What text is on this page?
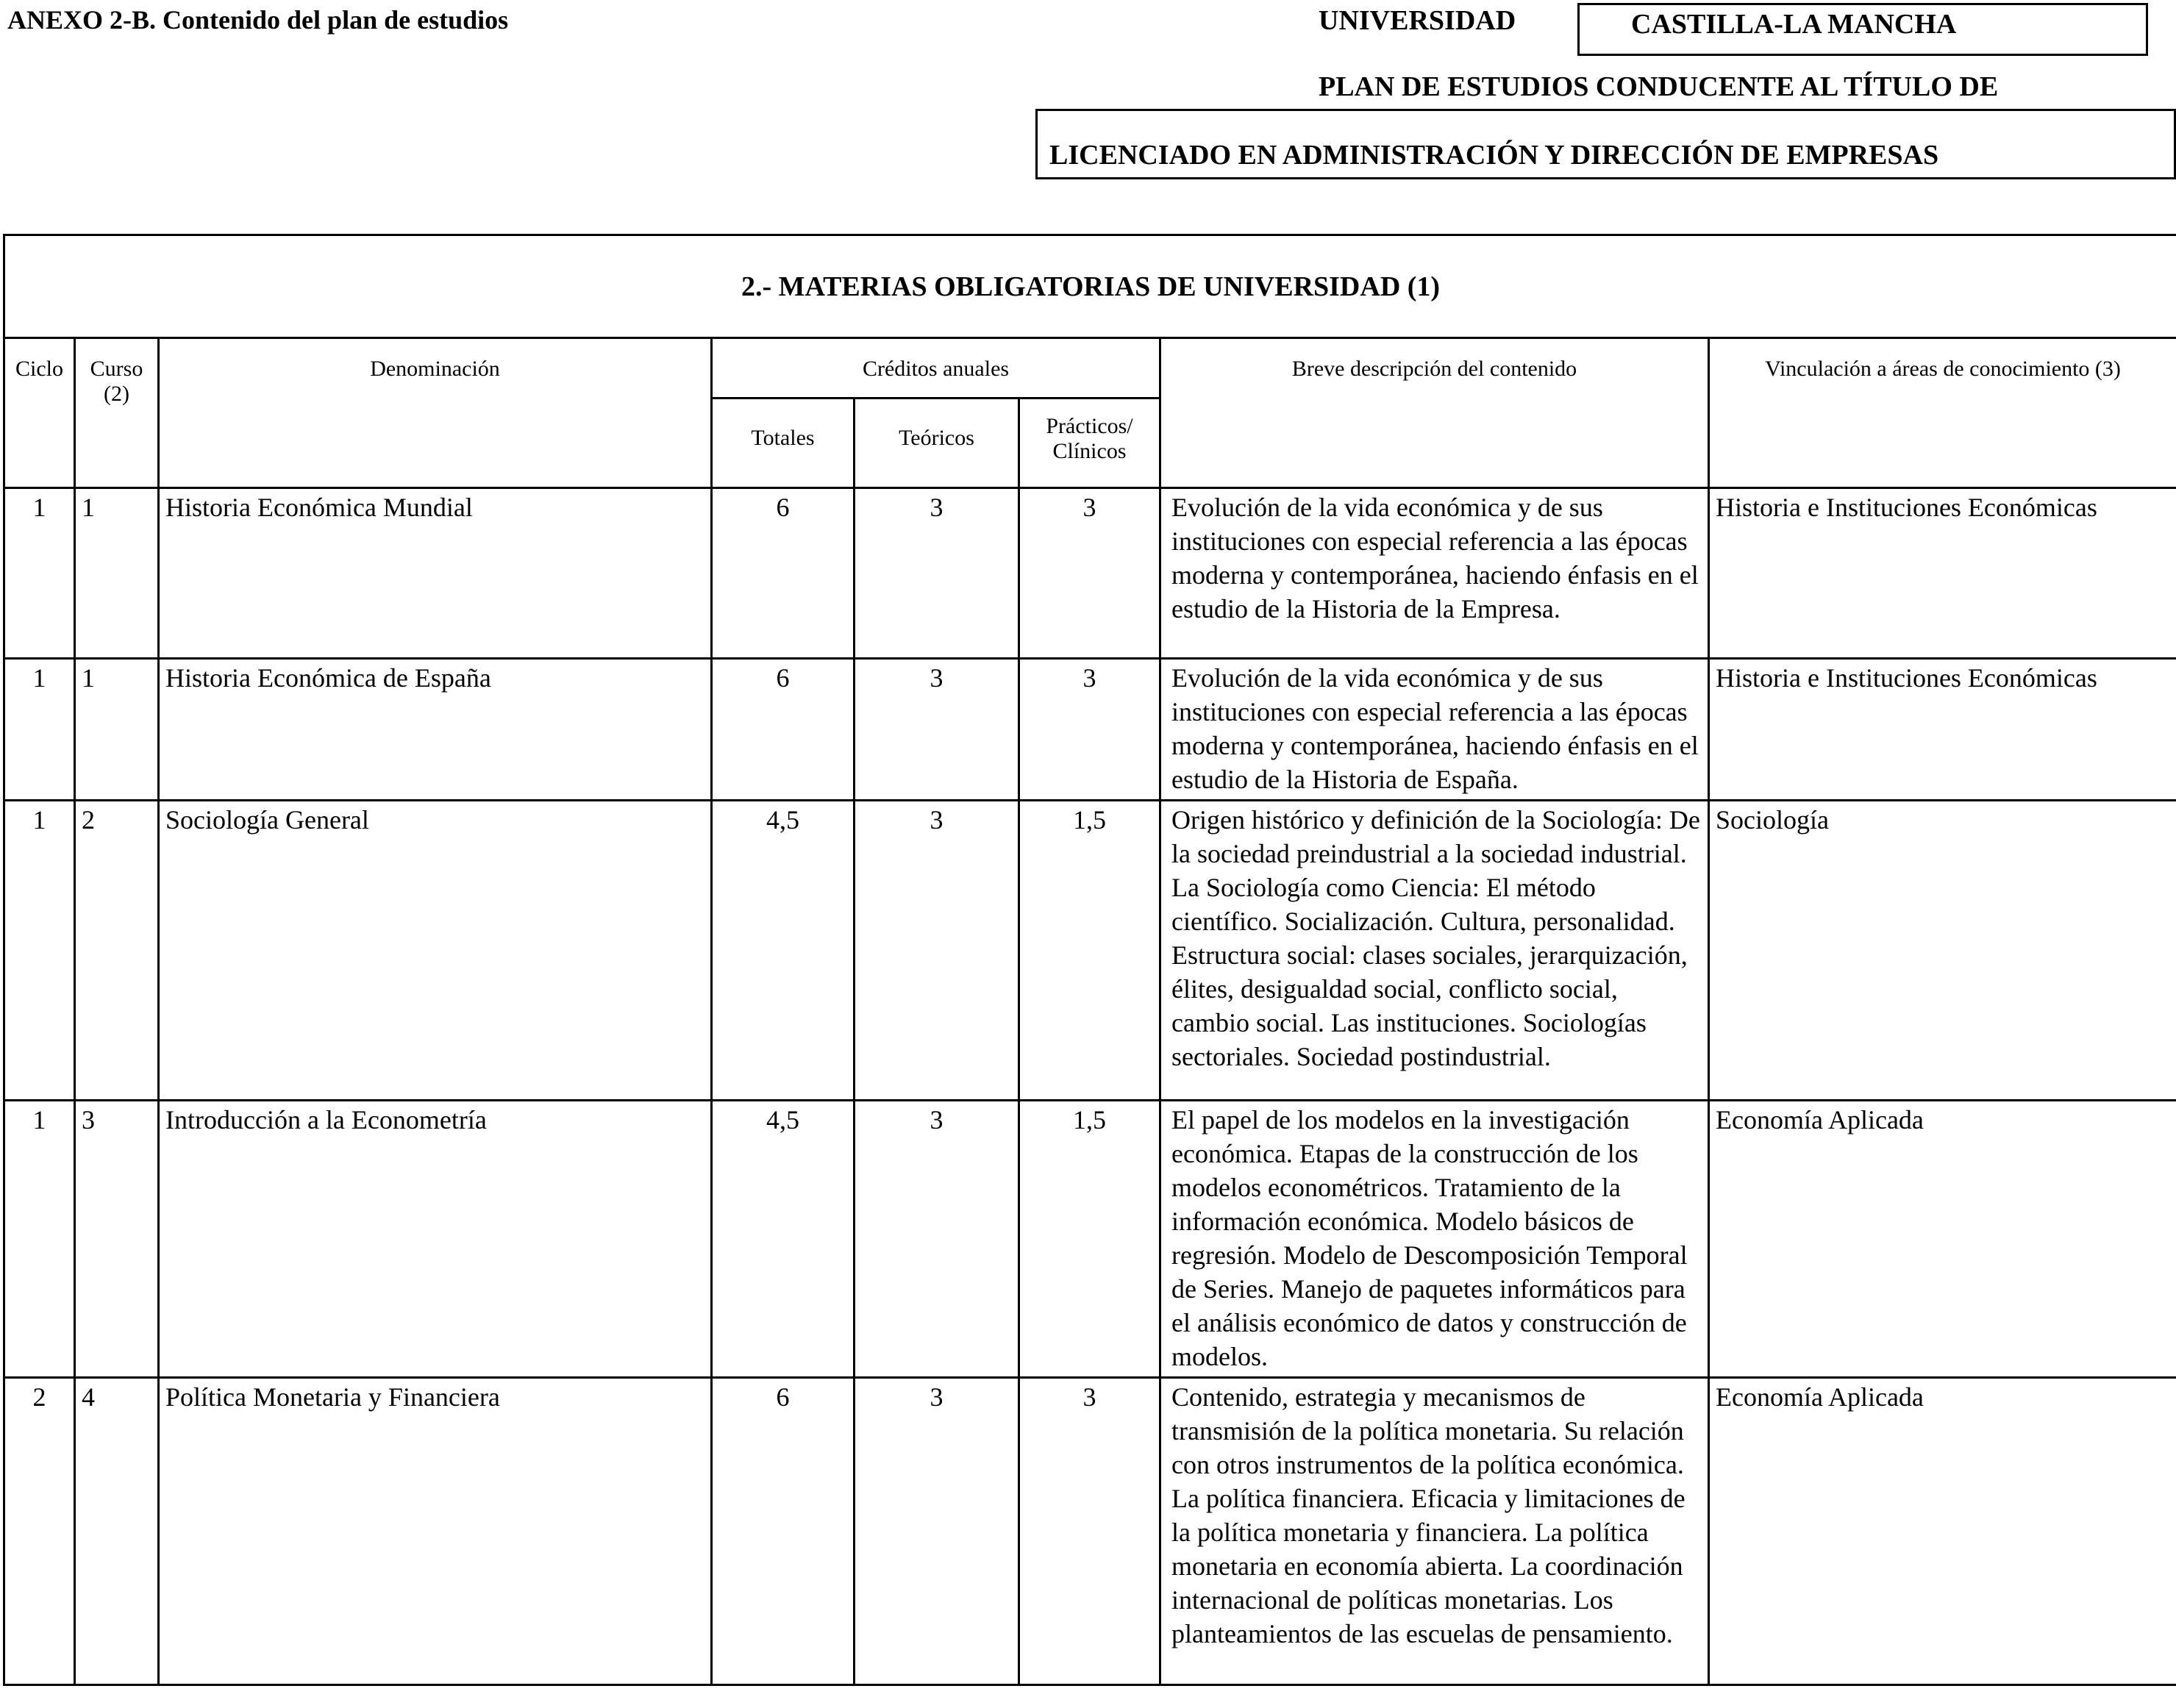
ANEXO 2-B. Contenido del plan de estudios	UNIVERSIDAD	CASTILLA-LA MANCHA
PLAN DE ESTUDIOS CONDUCENTE AL TÍTULO DE
LICENCIADO EN ADMINISTRACIÓN Y DIRECCIÓN DE EMPRESAS
2.- MATERIAS OBLIGATORIAS DE UNIVERSIDAD (1)							
Ciclo	Curso (2)	Denominación	Créditos anuales			Breve descripción del contenido	Vinculación a áreas de conocimiento (3)
			Totales	Teóricos	Prácticos/ Clínicos		
1	1	Historia Económica Mundial	6	3	3	Evolución de la vida económica y de sus instituciones con especial referencia a las épocas moderna y contemporánea, haciendo énfasis en el estudio de la Historia de la Empresa.	Historia e Instituciones Económicas
1	1	Historia Económica de España	6	3	3	Evolución de la vida económica y de sus instituciones con especial referencia a las épocas moderna y contemporánea, haciendo énfasis en el estudio de la Historia de España.	Historia e Instituciones Económicas
1	2	Sociología General	4,5	3	1,5	Origen histórico y definición de la Sociología: De la sociedad preindustrial a la sociedad industrial. La Sociología como Ciencia: El método científico. Socialización. Cultura, personalidad. Estructura social: clases sociales, jerarquización, élites, desigualdad social, conflicto social, cambio social. Las instituciones. Sociologías sectoriales. Sociedad postindustrial.	Sociología
1	3	Introducción a la Econometría	4,5	3	1,5	El papel de los modelos en la investigación económica. Etapas de la construcción de los modelos econométricos. Tratamiento de la información económica. Modelo básicos de regresión. Modelo de Descomposición Temporal de Series. Manejo de paquetes informáticos para el análisis económico de datos y construcción de modelos.	Economía Aplicada
2	4	Política Monetaria y Financiera	6	3	3	Contenido, estrategia y mecanismos de transmisión de la política monetaria. Su relación con otros instrumentos de la política económica. La política financiera. Eficacia y limitaciones de la política monetaria y financiera. La política monetaria en economía abierta. La coordinación internacional de políticas monetarias. Los planteamientos de las escuelas de pensamiento.	Economía Aplicada
